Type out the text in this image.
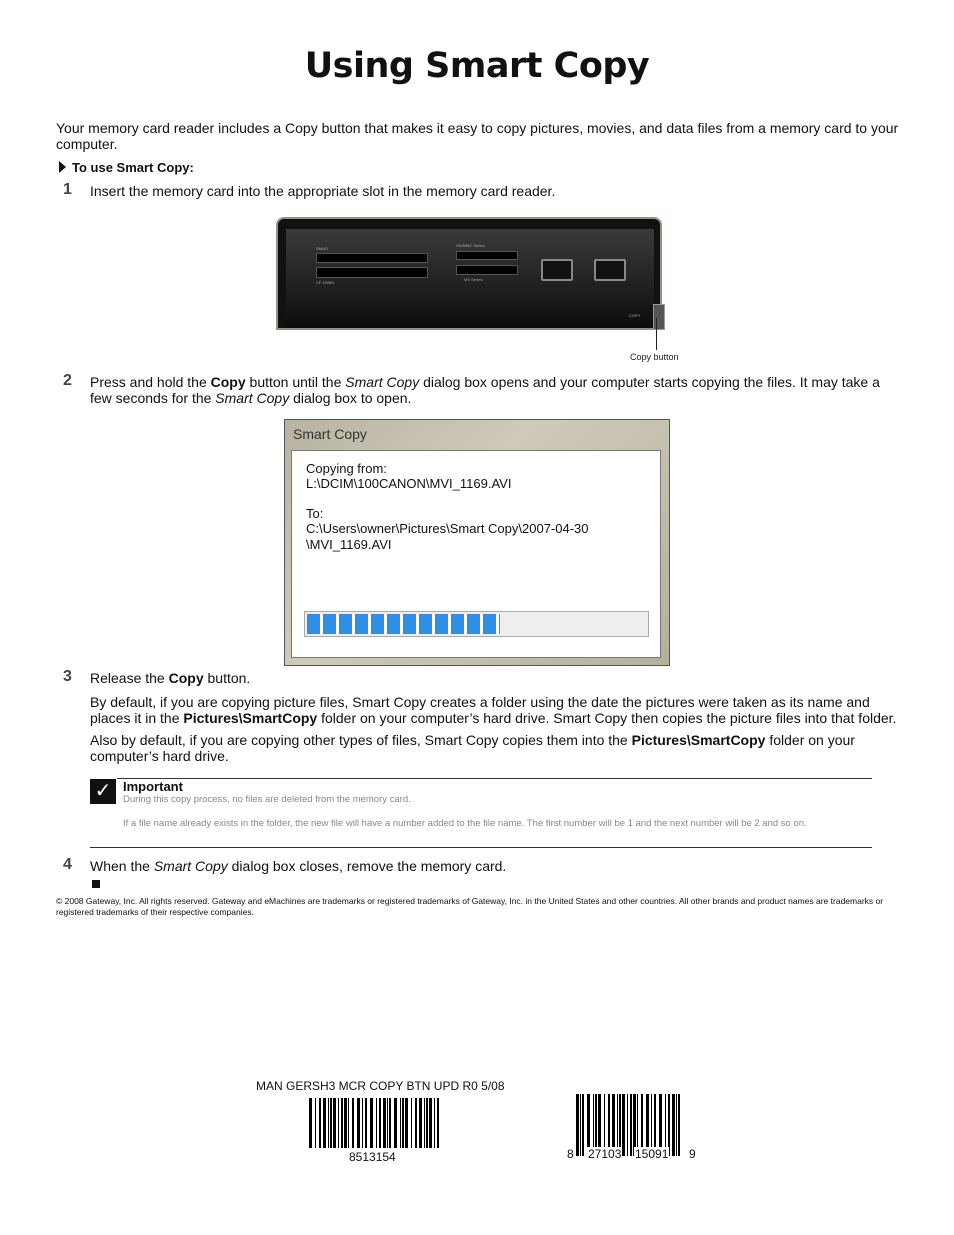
Using Smart Copy
Your memory card reader includes a Copy button that makes it easy to copy pictures, movies, and data files from a memory card to your computer.
To use Smart Copy:
1 Insert the memory card into the appropriate slot in the memory card reader.
SM/xD
CF I/II/MD
SD/MMC Series
MS Series
COPY
Copy button
2 Press and hold the Copy button until the Smart Copy dialog box opens and your computer starts copying the files. It may take a few seconds for the Smart Copy dialog box to open.
Smart Copy
Copying from:
L:\DCIM\100CANON\MVI_1169.AVI
To:
C:\Users\owner\Pictures\Smart Copy\2007-04-30
\MVI_1169.AVI
3 Release the Copy button.
By default, if you are copying picture files, Smart Copy creates a folder using the date the pictures were taken as its name and places it in the Pictures\SmartCopy folder on your computer’s hard drive. Smart Copy then copies the picture files into that folder.
Also by default, if you are copying other types of files, Smart Copy copies them into the Pictures\SmartCopy folder on your computer’s hard drive.
✓ Important
During this copy process, no files are deleted from the memory card.
If a file name already exists in the folder, the new file will have a number added to the file name. The first number will be 1 and the next number will be 2 and so on.
4 When the Smart Copy dialog box closes, remove the memory card.
© 2008 Gateway, Inc. All rights reserved. Gateway and eMachines are trademarks or registered trademarks of Gateway, Inc. in the United States and other countries. All other brands and product names are trademarks or registered trademarks of their respective companies.
MAN GERSH3 MCR COPY BTN UPD R0 5/08
8513154	8 27103 15091 9
